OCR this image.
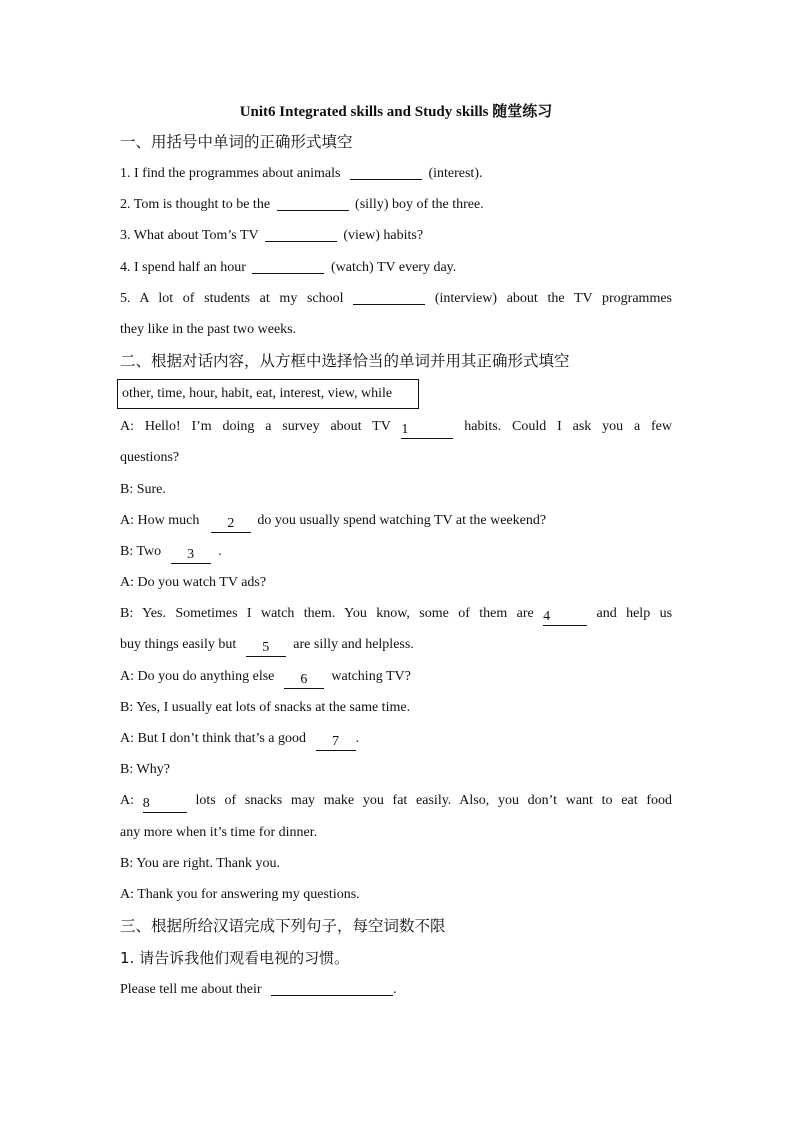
Unit6 Integrated skills and Study skills 随堂练习
一、用括号中单词的正确形式填空
1. I find the programmes about animals	(interest).
2. Tom is thought to be the	(silly) boy of the three.
3. What about Tom’s TV	(view) habits?
4. I spend half an hour	(watch) TV every day.
5. A lot of students at my school	(interview) about the TV programmes
they like in the past two weeks.
二、根据对话内容，从方框中选择恰当的单词并用其正确形式填空
other, time, hour, habit, eat, interest, view, while
A: Hello! I’m doing a survey about TV 1	habits. Could I ask you a few
questions?
B: Sure.
A: How much 2 do you usually spend watching TV at the weekend?
B: Two 3 .
A: Do you watch TV ads?
B: Yes. Sometimes I watch them. You know, some of them are 4	and help us
buy things easily but 5 are silly and helpless.
A: Do you do anything else 6 watching TV?
B: Yes, I usually eat lots of snacks at the same time.
A: But I don’t think that’s a good 7 .
B: Why?
A: 8	lots of snacks may make you fat easily. Also, you don’t want to eat food
any more when it’s time for dinner.
B: You are right. Thank you.
A: Thank you for answering my questions.
三、根据所给汉语完成下列句子，每空词数不限
1. 请告诉我他们观看电视的习惯。
Please tell me about their	.
